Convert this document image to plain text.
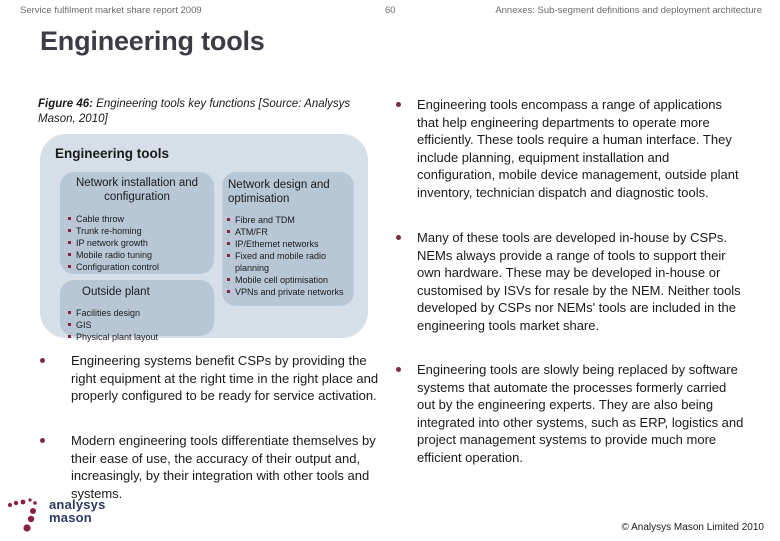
Service fulfilment market share report 2009	60	Annexes: Sub-segment definitions and deployment architecture
Engineering tools
Figure 46: Engineering tools key functions [Source: Analysys Mason, 2010]
Engineering tools
Network installation and configuration
Cable throw
Trunk re-homing
IP network growth
Mobile radio tuning
Configuration control
Network design and optimisation
Fibre and TDM
ATM/FR
IP/Ethernet networks
Fixed and mobile radio planning
Mobile cell optimisation
VPNs and private networks
Outside plant
Facilities design
GIS
Physical plant layout
Engineering systems benefit CSPs by providing the right equipment at the right time in the right place and properly configured to be ready for service activation.
Modern engineering tools differentiate themselves by their ease of use, the accuracy of their output and, increasingly, by their integration with other tools and systems.
Engineering tools encompass a range of applications that help engineering departments to operate more efficiently. These tools require a human interface. They include planning, equipment installation and configuration, mobile device management, outside plant inventory, technician dispatch and diagnostic tools.
Many of these tools are developed in-house by CSPs. NEMs always provide a range of tools to support their own hardware. These may be developed in-house or customised by ISVs for resale by the NEM. Neither tools developed by CSPs nor NEMs' tools are included in the engineering tools market share.
Engineering tools are slowly being replaced by software systems that automate the processes formerly carried out by the engineering experts. They are also being integrated into other systems, such as ERP, logistics and project management systems to provide much more efficient operation.
analysys
mason
© Analysys Mason Limited 2010
